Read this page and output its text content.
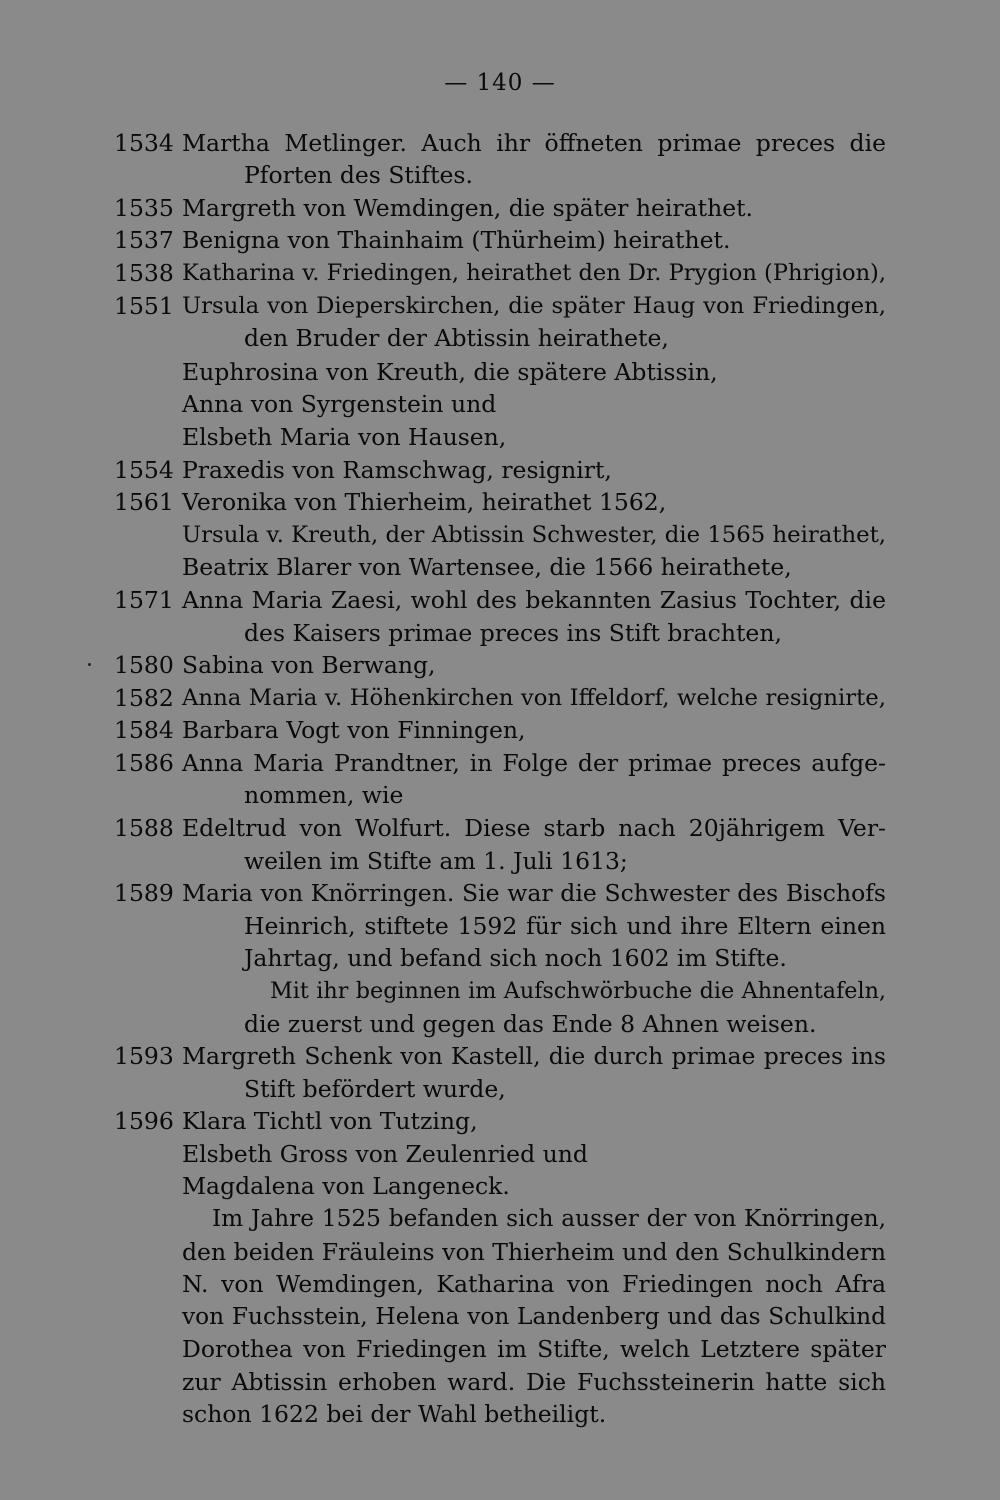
— 140 —
1534 Martha Metlinger. Auch ihr öffneten primae preces die
Pforten des Stiftes.
1535 Margreth von Wemdingen, die später heirathet.
1537 Benigna von Thainhaim (Thürheim) heirathet.
1538 Katharina v. Friedingen, heirathet den Dr. Prygion (Phrigion),
1551 Ursula von Dieperskirchen, die später Haug von Friedingen,
den Bruder der Abtissin heirathete,
Euphrosina von Kreuth, die spätere Abtissin,
Anna von Syrgenstein und
Elsbeth Maria von Hausen,
1554 Praxedis von Ramschwag, resignirt,
1561 Veronika von Thierheim, heirathet 1562,
Ursula v. Kreuth, der Abtissin Schwester, die 1565 heirathet,
Beatrix Blarer von Wartensee, die 1566 heirathete,
1571 Anna Maria Zaesi, wohl des bekannten Zasius Tochter, die
des Kaisers primae preces ins Stift brachten,
1580 Sabina von Berwang,
1582 Anna Maria v. Höhenkirchen von Iffeldorf, welche resignirte,
1584 Barbara Vogt von Finningen,
1586 Anna Maria Prandtner, in Folge der primae preces aufge-
nommen, wie
1588 Edeltrud von Wolfurt. Diese starb nach 20jährigem Ver-
weilen im Stifte am 1. Juli 1613;
1589 Maria von Knörringen. Sie war die Schwester des Bischofs
Heinrich, stiftete 1592 für sich und ihre Eltern einen
Jahrtag, und befand sich noch 1602 im Stifte.
Mit ihr beginnen im Aufschwörbuche die Ahnentafeln,
die zuerst und gegen das Ende 8 Ahnen weisen.
1593 Margreth Schenk von Kastell, die durch primae preces ins
Stift befördert wurde,
1596 Klara Tichtl von Tutzing,
Elsbeth Gross von Zeulenried und
Magdalena von Langeneck.
Im Jahre 1525 befanden sich ausser der von Knörringen,
den beiden Fräuleins von Thierheim und den Schulkindern
N. von Wemdingen, Katharina von Friedingen noch Afra
von Fuchsstein, Helena von Landenberg und das Schulkind
Dorothea von Friedingen im Stifte, welch Letztere später
zur Abtissin erhoben ward. Die Fuchssteinerin hatte sich
schon 1622 bei der Wahl betheiligt.
